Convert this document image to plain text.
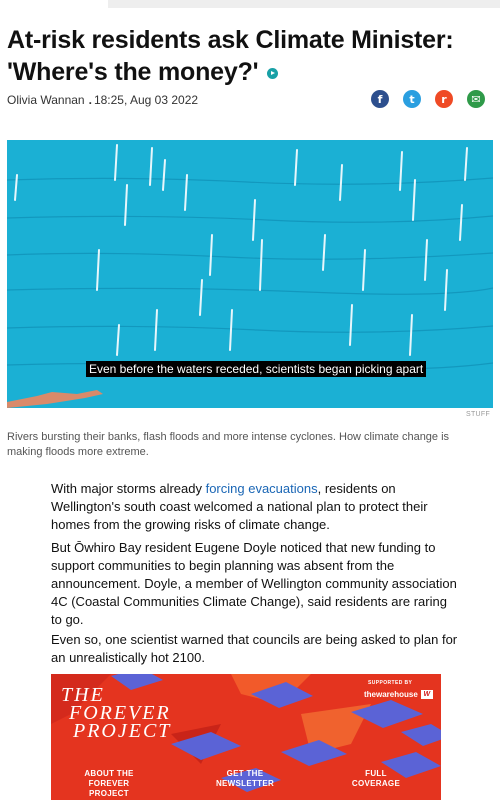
At-risk residents ask Climate Minister: 'Where's the money?'
Olivia Wannan . 18:25, Aug 03 2022	f t r ✉
Even before the waters receded, scientists began picking apart
STUFF
Rivers bursting their banks, flash floods and more intense cyclones. How climate change is making floods more extreme.

With major storms already forcing evacuations, residents on Wellington's south coast welcomed a national plan to protect their homes from the growing risks of climate change.

But Ōwhiro Bay resident Eugene Doyle noticed that new funding to support communities to begin planning was absent from the announcement. Doyle, a member of Wellington community association 4C (Coastal Communities Climate Change), said residents are raring to go.

Even so, one scientist warned that councils are being asked to plan for an unrealistically hot 2100.

SUPPORTED BY
thewarehouse W
THE
FOREVER
PROJECT
ABOUT THE
FOREVER PROJECT
GET THE
NEWSLETTER
FULL
COVERAGE
